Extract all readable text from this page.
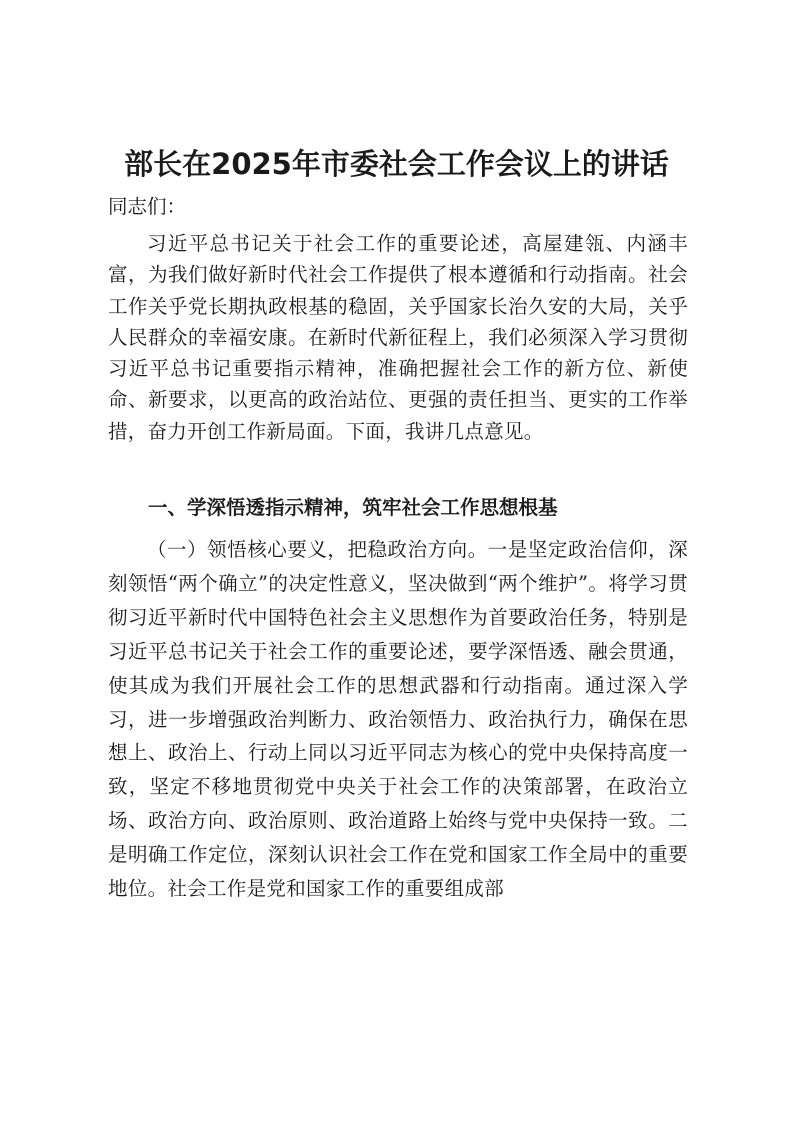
部长在2025年市委社会工作会议上的讲话

同志们：

习近平总书记关于社会工作的重要论述，高屋建瓴、内涵丰富，为我们做好新时代社会工作提供了根本遵循和行动指南。社会工作关乎党长期执政根基的稳固，关乎国家长治久安的大局，关乎人民群众的幸福安康。在新时代新征程上，我们必须深入学习贯彻习近平总书记重要指示精神，准确把握社会工作的新方位、新使命、新要求，以更高的政治站位、更强的责任担当、更实的工作举措，奋力开创工作新局面。下面，我讲几点意见。

一、学深悟透指示精神，筑牢社会工作思想根基

（一）领悟核心要义，把稳政治方向。一是坚定政治信仰，深刻领悟“两个确立”的决定性意义，坚决做到“两个维护”。将学习贯彻习近平新时代中国特色社会主义思想作为首要政治任务，特别是习近平总书记关于社会工作的重要论述，要学深悟透、融会贯通，使其成为我们开展社会工作的思想武器和行动指南。通过深入学习，进一步增强政治判断力、政治领悟力、政治执行力，确保在思想上、政治上、行动上同以习近平同志为核心的党中央保持高度一致，坚定不移地贯彻党中央关于社会工作的决策部署，在政治立场、政治方向、政治原则、政治道路上始终与党中央保持一致。二是明确工作定位，深刻认识社会工作在党和国家工作全局中的重要地位。社会工作是党和国家工作的重要组成部
